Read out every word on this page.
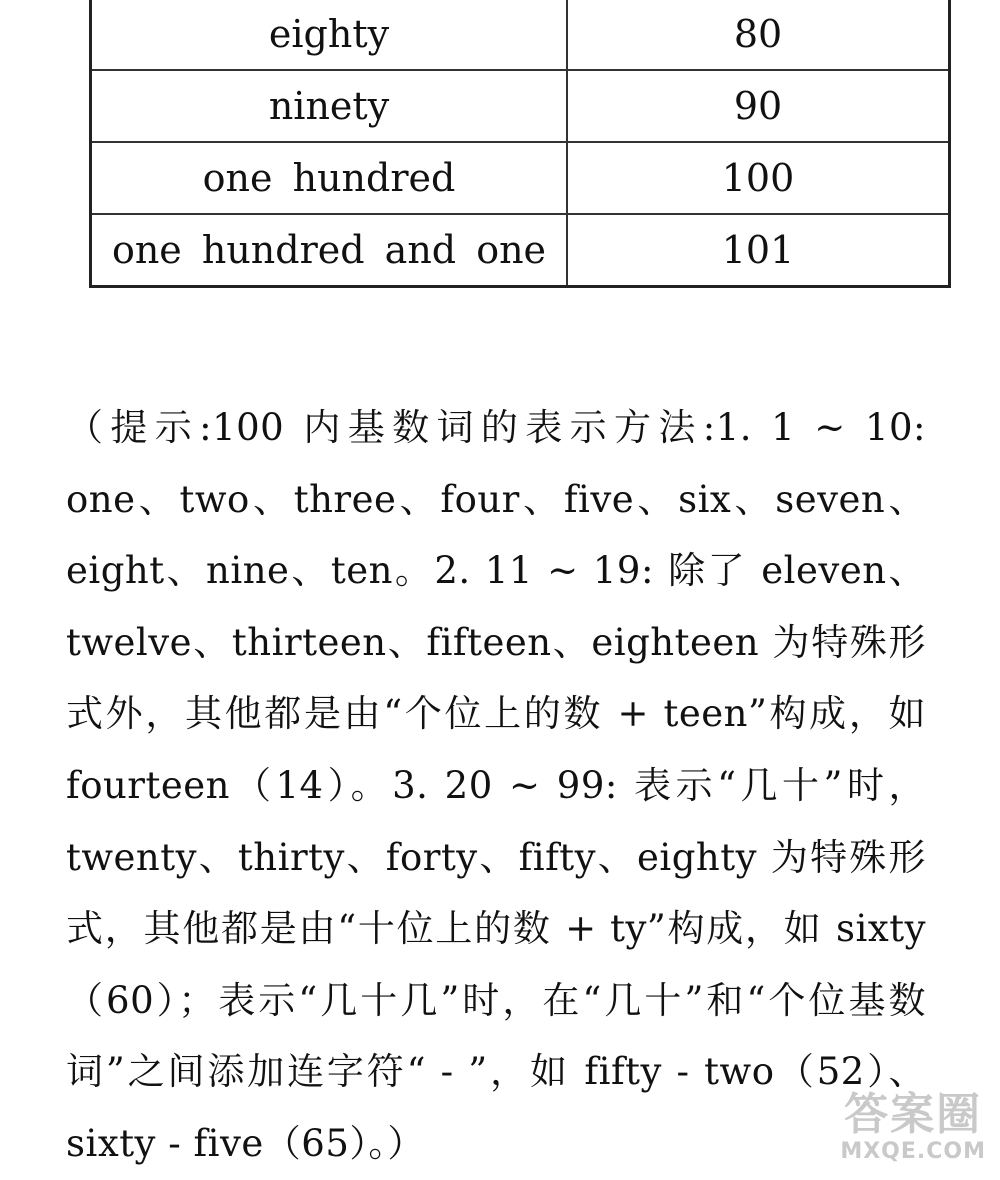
eighty	80
ninety	90
one hundred	100
one hundred and one	101
（提示:100 内基数词的表示方法:1. 1 ~ 10: one、two、three、four、five、six、seven、eight、nine、ten。2. 11 ~ 19: 除了 eleven、twelve、thirteen、fifteen、eighteen 为特殊形式外，其他都是由“个位上的数 + teen”构成，如 fourteen（14）。3. 20 ~ 99: 表示“几十”时，twenty、thirty、forty、fifty、eighty 为特殊形式，其他都是由“十位上的数 + ty”构成，如 sixty（60）；表示“几十几”时，在“几十”和“个位基数词”之间添加连字符“ - ”，如 fifty - two（52）、sixty - five（65）。）
答案圈
MXQE.COM
